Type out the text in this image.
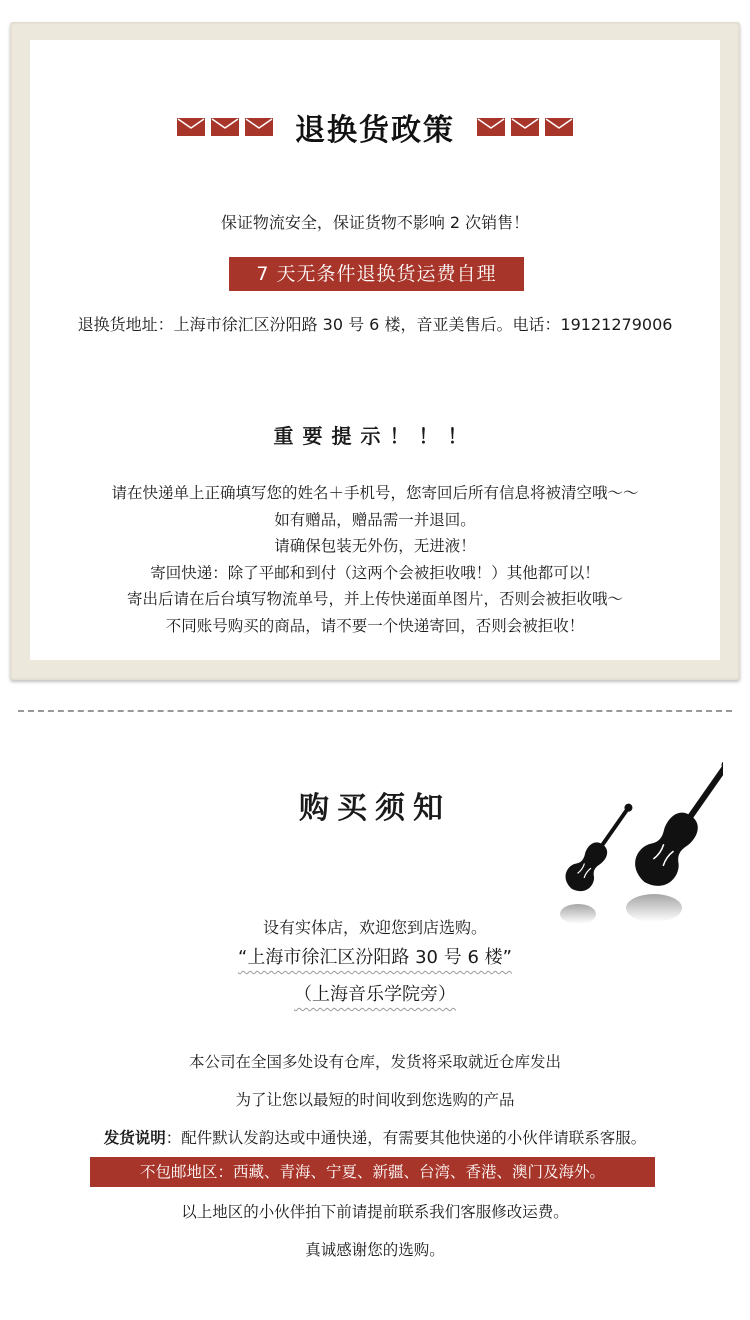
退换货政策
保证物流安全，保证货物不影响 2 次销售！
7 天无条件退换货运费自理
退换货地址：上海市徐汇区汾阳路 30 号 6 楼，音亚美售后。电话：19121279006
重要提示！！！
请在快递单上正确填写您的姓名＋手机号，您寄回后所有信息将被清空哦～～
如有赠品，赠品需一并退回。
请确保包装无外伤，无进液！
寄回快递：除了平邮和到付（这两个会被拒收哦！）其他都可以！
寄出后请在后台填写物流单号，并上传快递面单图片，否则会被拒收哦～
不同账号购买的商品，请不要一个快递寄回，否则会被拒收！
购买须知
设有实体店，欢迎您到店选购。
“上海市徐汇区汾阳路 30 号 6 楼”
（上海音乐学院旁）
本公司在全国多处设有仓库，发货将采取就近仓库发出
为了让您以最短的时间收到您选购的产品
发货说明：配件默认发韵达或中通快递，有需要其他快递的小伙伴请联系客服。
不包邮地区：西藏、青海、宁夏、新疆、台湾、香港、澳门及海外。
以上地区的小伙伴拍下前请提前联系我们客服修改运费。
真诚感谢您的选购。
